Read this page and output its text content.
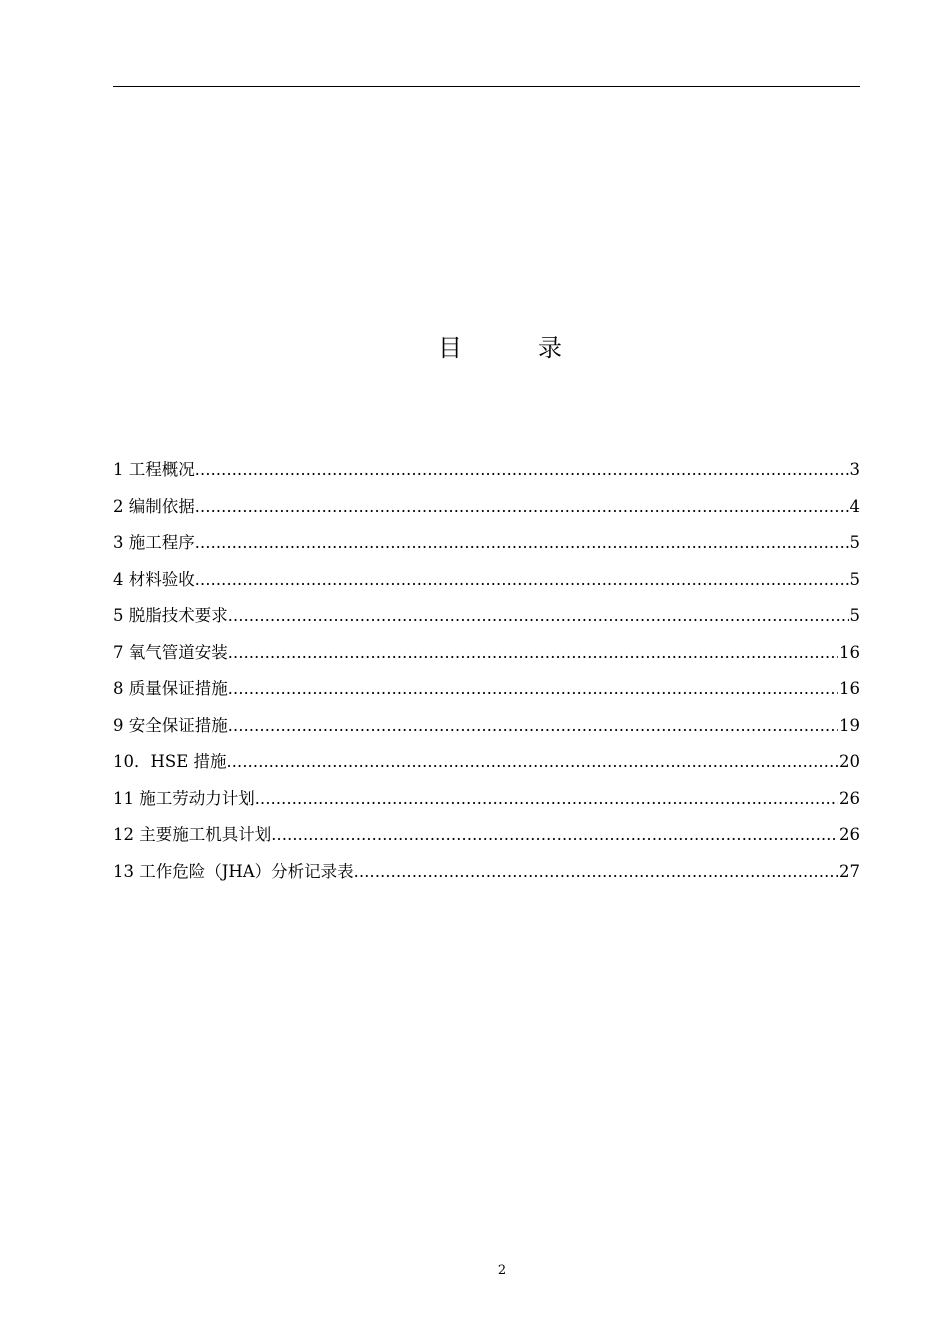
目	录
1 工程概况 .....	3
2 编制依据 .....	4
3 施工程序 .....	5
4 材料验收 .....	5
5 脱脂技术要求 .....	5
7 氧气管道安装 .....	16
8 质量保证措施 .....	16
9 安全保证措施 .....	19
10．HSE 措施 .....	20
11 施工劳动力计划 .....	26
12 主要施工机具计划 .....	26
13 工作危险（JHA）分析记录表 .....	27
2
